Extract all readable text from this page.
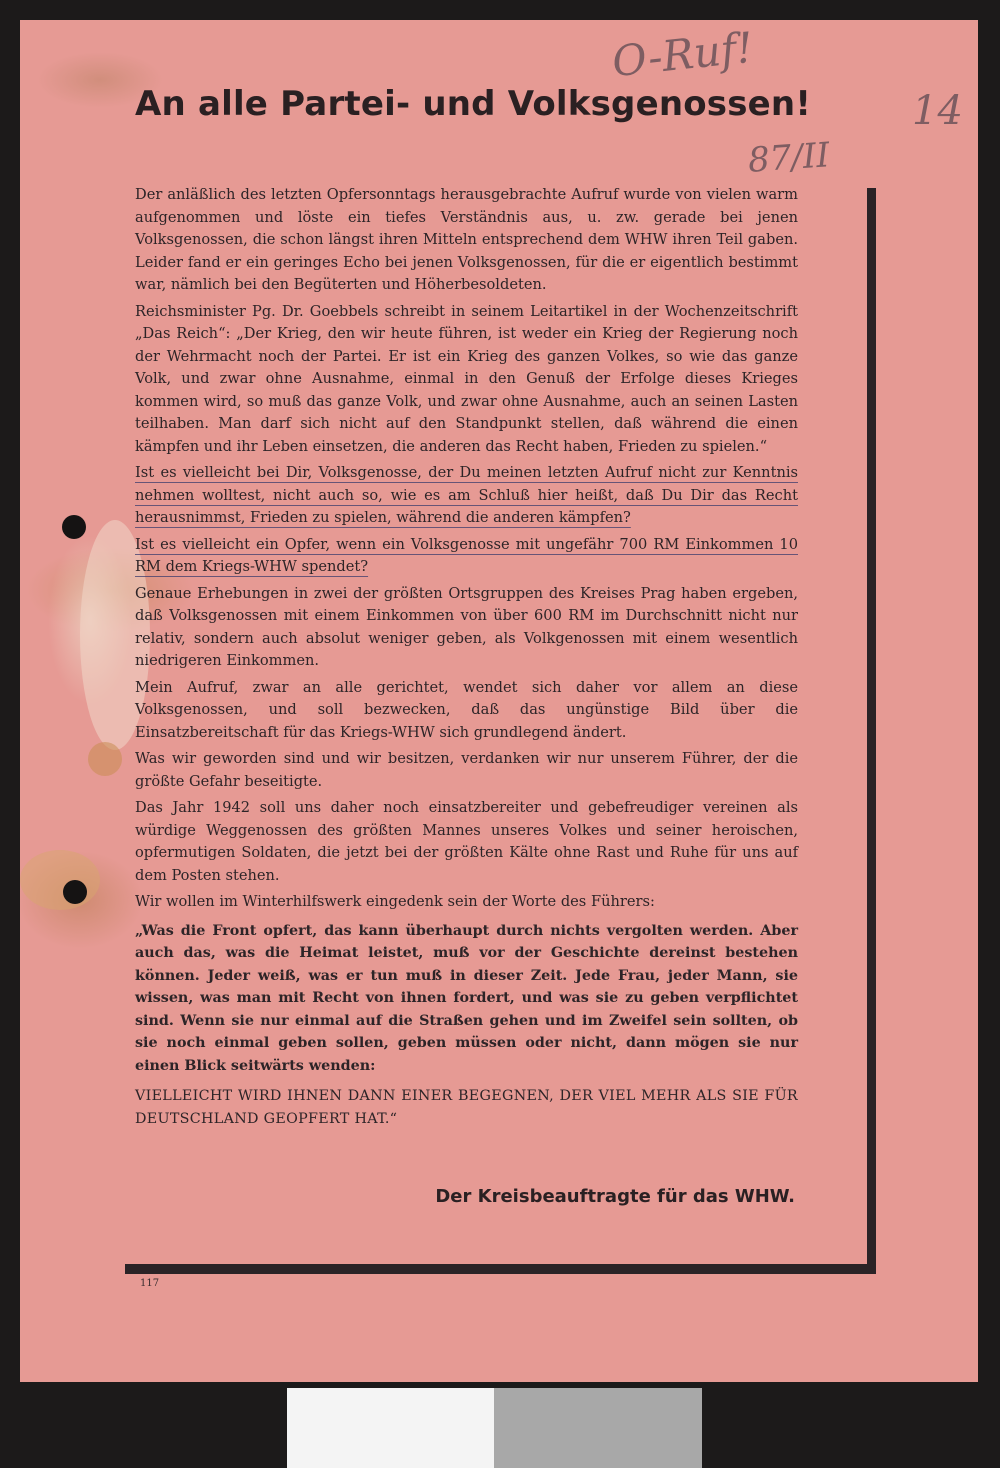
O-Ruf!
14
87/II
An alle Partei- und Volksgenossen!

Der anläßlich des letzten Opfersonntags herausgebrachte Aufruf wurde von vielen warm aufgenommen und löste ein tiefes Verständnis aus, u. zw. gerade bei jenen Volksgenossen, die schon längst ihren Mitteln entsprechend dem WHW ihren Teil gaben. Leider fand er ein geringes Echo bei jenen Volksgenossen, für die er eigentlich bestimmt war, nämlich bei den Begüterten und Höherbesoldeten.

Reichsminister Pg. Dr. Goebbels schreibt in seinem Leitartikel in der Wochenzeitschrift „Das Reich“: „Der Krieg, den wir heute führen, ist weder ein Krieg der Regierung noch der Wehrmacht noch der Partei. Er ist ein Krieg des ganzen Volkes, so wie das ganze Volk, und zwar ohne Ausnahme, einmal in den Genuß der Erfolge dieses Krieges kommen wird, so muß das ganze Volk, und zwar ohne Ausnahme, auch an seinen Lasten teilhaben. Man darf sich nicht auf den Standpunkt stellen, daß während die einen kämpfen und ihr Leben einsetzen, die anderen das Recht haben, Frieden zu spielen.“

Ist es vielleicht bei Dir, Volksgenosse, der Du meinen letzten Aufruf nicht zur Kenntnis nehmen wolltest, nicht auch so, wie es am Schluß hier heißt, daß Du Dir das Recht herausnimmst, Frieden zu spielen, während die anderen kämpfen?

Ist es vielleicht ein Opfer, wenn ein Volksgenosse mit ungefähr 700 RM Einkommen 10 RM dem Kriegs-WHW spendet?

Genaue Erhebungen in zwei der größten Ortsgruppen des Kreises Prag haben ergeben, daß Volksgenossen mit einem Einkommen von über 600 RM im Durchschnitt nicht nur relativ, sondern auch absolut weniger geben, als Volkgenossen mit einem wesentlich niedrigeren Einkommen.

Mein Aufruf, zwar an alle gerichtet, wendet sich daher vor allem an diese Volksgenossen, und soll bezwecken, daß das ungünstige Bild über die Einsatzbereitschaft für das Kriegs-WHW sich grundlegend ändert.

Was wir geworden sind und wir besitzen, verdanken wir nur unserem Führer, der die größte Gefahr beseitigte.

Das Jahr 1942 soll uns daher noch einsatzbereiter und gebefreudiger vereinen als würdige Weggenossen des größten Mannes unseres Volkes und seiner heroischen, opfermutigen Soldaten, die jetzt bei der größten Kälte ohne Rast und Ruhe für uns auf dem Posten stehen.

Wir wollen im Winterhilfswerk eingedenk sein der Worte des Führers:

„Was die Front opfert, das kann überhaupt durch nichts vergolten werden. Aber auch das, was die Heimat leistet, muß vor der Geschichte dereinst bestehen können. Jeder weiß, was er tun muß in dieser Zeit. Jede Frau, jeder Mann, sie wissen, was man mit Recht von ihnen fordert, und was sie zu geben verpflichtet sind. Wenn sie nur einmal auf die Straßen gehen und im Zweifel sein sollten, ob sie noch einmal geben sollen, geben müssen oder nicht, dann mögen sie nur einen Blick seitwärts wenden:

VIELLEICHT WIRD IHNEN DANN EINER BEGEGNEN, DER VIEL MEHR ALS SIE FÜR DEUTSCHLAND GEOPFERT HAT.“

Der Kreisbeauftragte für das WHW.
117
